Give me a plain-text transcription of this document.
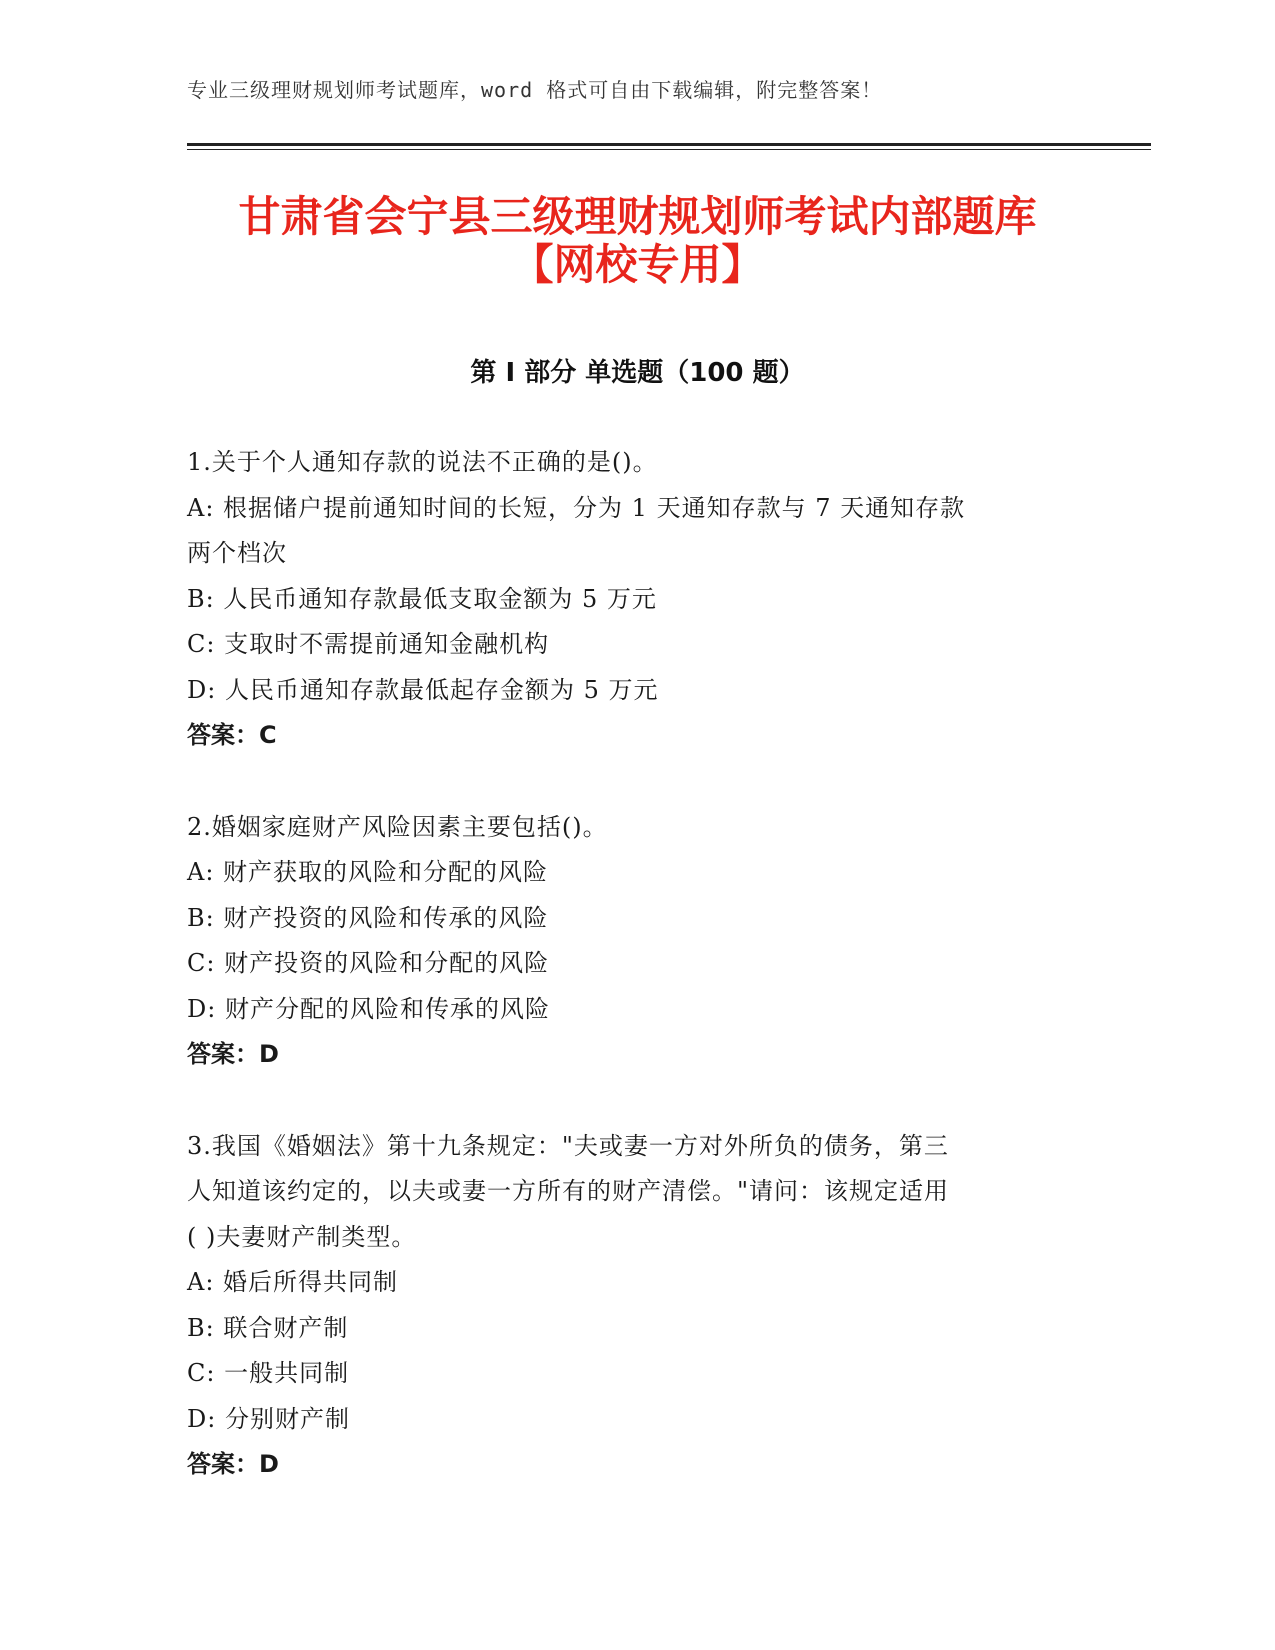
专业三级理财规划师考试题库，word 格式可自由下载编辑，附完整答案！
甘肃省会宁县三级理财规划师考试内部题库
【网校专用】
第 I 部分 单选题（100 题）
1.关于个人通知存款的说法不正确的是()。
A: 根据储户提前通知时间的长短，分为 1 天通知存款与 7 天通知存款
两个档次
B: 人民币通知存款最低支取金额为 5 万元
C: 支取时不需提前通知金融机构
D: 人民币通知存款最低起存金额为 5 万元
答案：C
2.婚姻家庭财产风险因素主要包括()。
A: 财产获取的风险和分配的风险
B: 财产投资的风险和传承的风险
C: 财产投资的风险和分配的风险
D: 财产分配的风险和传承的风险
答案：D
3.我国《婚姻法》第十九条规定："夫或妻一方对外所负的债务，第三
人知道该约定的，以夫或妻一方所有的财产清偿。"请问：该规定适用
( )夫妻财产制类型。
A: 婚后所得共同制
B: 联合财产制
C: 一般共同制
D: 分别财产制
答案：D
